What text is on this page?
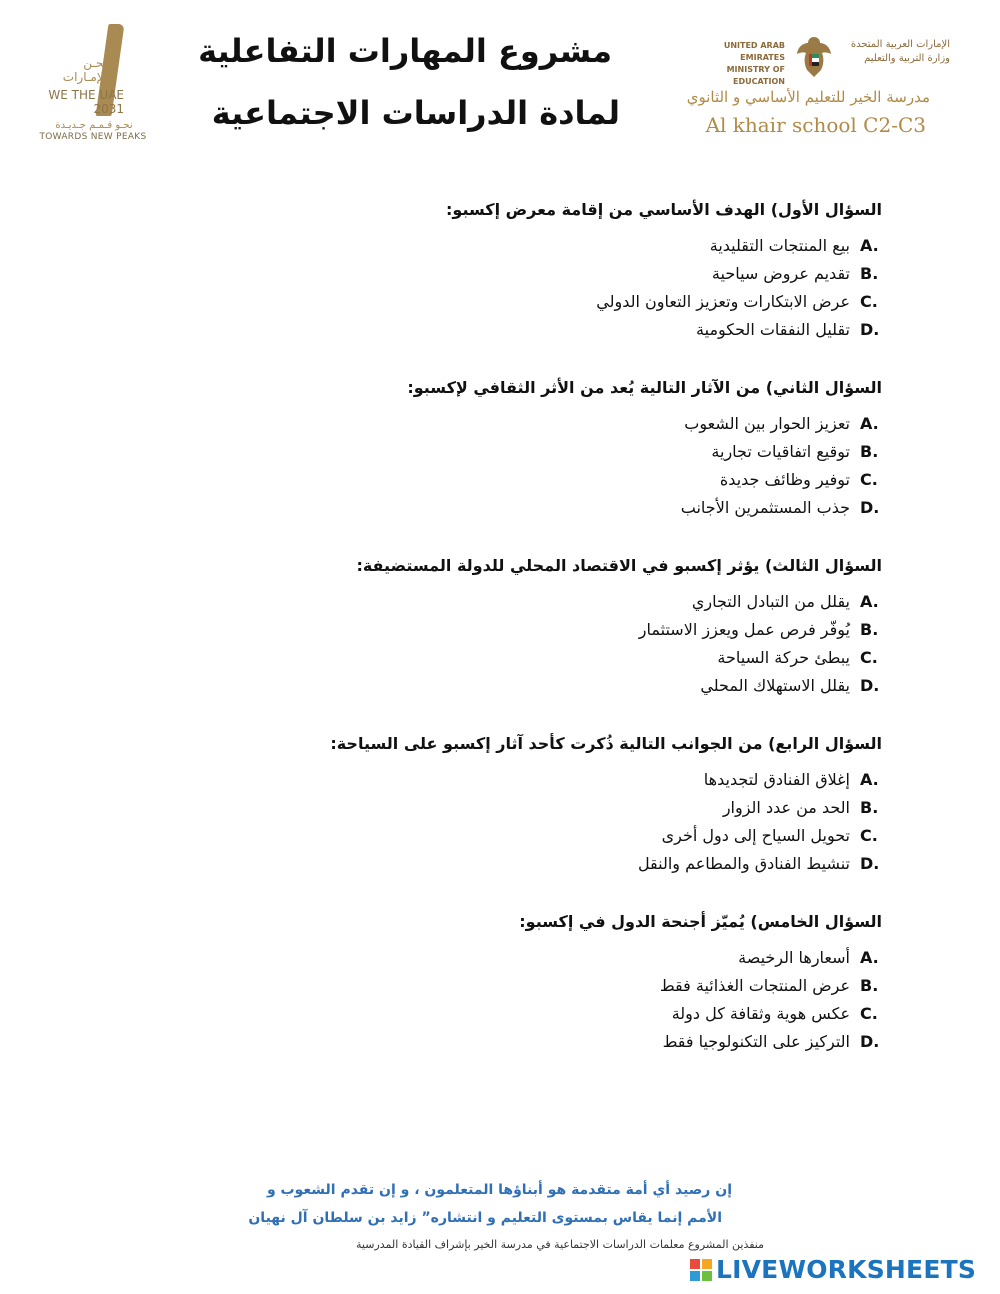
نحـن
الإمـارات
WE THE UAE
2031
نحـو قـمـم جـديـدة
TOWARDS NEW PEAKS
مشروع المهارات التفاعلية
لمادة الدراسات الاجتماعية
UNITED ARAB EMIRATES
MINISTRY OF EDUCATION
الإمارات العربية المتحدة
وزارة التربية والتعليم
مدرسة الخير للتعليم الأساسي و الثانوي
Al khair school C2-C3
السؤال الأول) الهدف الأساسي من إقامة معرض إكسبو:
A.
بيع المنتجات التقليدية
B.
تقديم عروض سياحية
C.
عرض الابتكارات وتعزيز التعاون الدولي
D.
تقليل النفقات الحكومية
السؤال الثاني) من الآثار التالية يُعد من الأثر الثقافي لإكسبو:
A.
تعزيز الحوار بين الشعوب
B.
توقيع اتفاقيات تجارية
C.
توفير وظائف جديدة
D.
جذب المستثمرين الأجانب
السؤال الثالث) يؤثر إكسبو في الاقتصاد المحلي للدولة المستضيفة:
A.
يقلل من التبادل التجاري
B.
يُوفّر فرص عمل ويعزز الاستثمار
C.
يبطئ حركة السياحة
D.
يقلل الاستهلاك المحلي
السؤال الرابع) من الجوانب التالية ذُكرت كأحد آثار إكسبو على السياحة:
A.
إغلاق الفنادق لتجديدها
B.
الحد من عدد الزوار
C.
تحويل السياح إلى دول أخرى
D.
تنشيط الفنادق والمطاعم والنقل
السؤال الخامس) يُميّز أجنحة الدول في إكسبو:
A.
أسعارها الرخيصة
B.
عرض المنتجات الغذائية فقط
C.
عكس هوية وثقافة كل دولة
D.
التركيز على التكنولوجيا فقط
إن رصيد أي أمة متقدمة هو أبناؤها المتعلمون ، و إن تقدم الشعوب و
الأمم إنما يقاس بمستوى التعليم و انتشاره” زايد بن سلطان آل نهيان
منفذين المشروع معلمات الدراسات الاجتماعية في مدرسة الخير بإشراف القيادة المدرسية
LIVEWORKSHEETS
